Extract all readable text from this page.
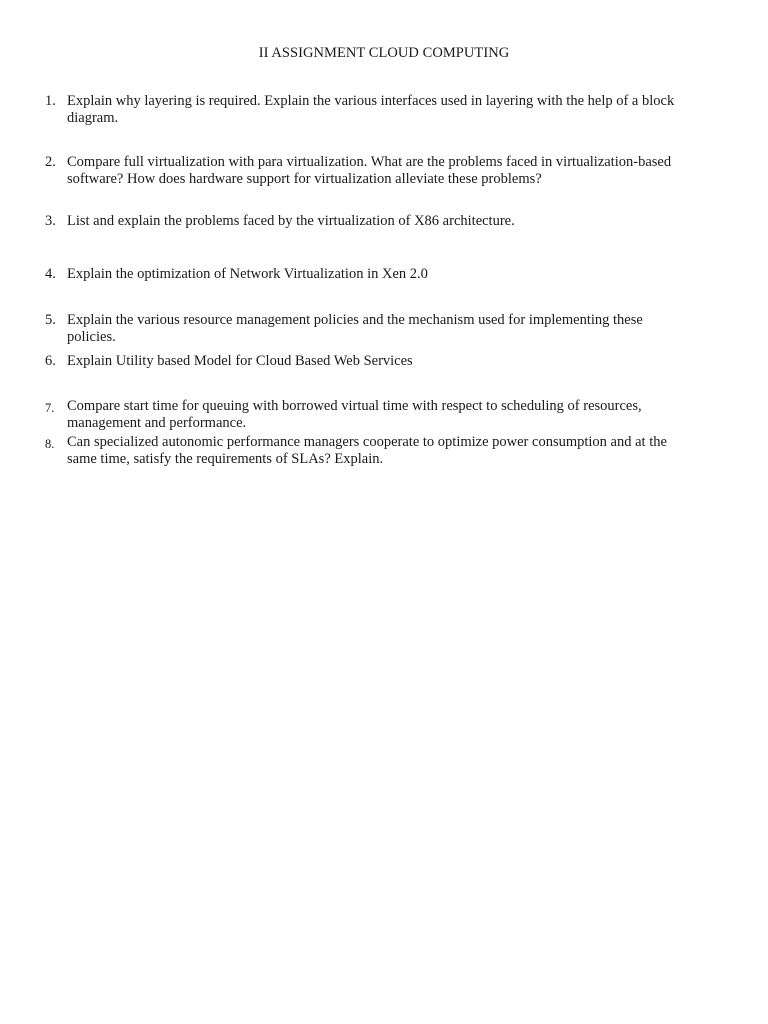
II ASSIGNMENT CLOUD COMPUTING
1. Explain why layering is required. Explain the various interfaces used in layering with the help of a block diagram.
2. Compare full virtualization with para virtualization. What are the problems faced in virtualization-based software? How does hardware support for virtualization alleviate these problems?
3. List and explain the problems faced by the virtualization of X86 architecture.
4. Explain the optimization of Network Virtualization in Xen 2.0
5. Explain the various resource management policies and the mechanism used for implementing these policies.
6. Explain Utility based Model for Cloud Based Web Services
7. Compare start time for queuing with borrowed virtual time with respect to scheduling of resources, management and performance.
8. Can specialized autonomic performance managers cooperate to optimize power consumption and at the same time, satisfy the requirements of SLAs? Explain.
